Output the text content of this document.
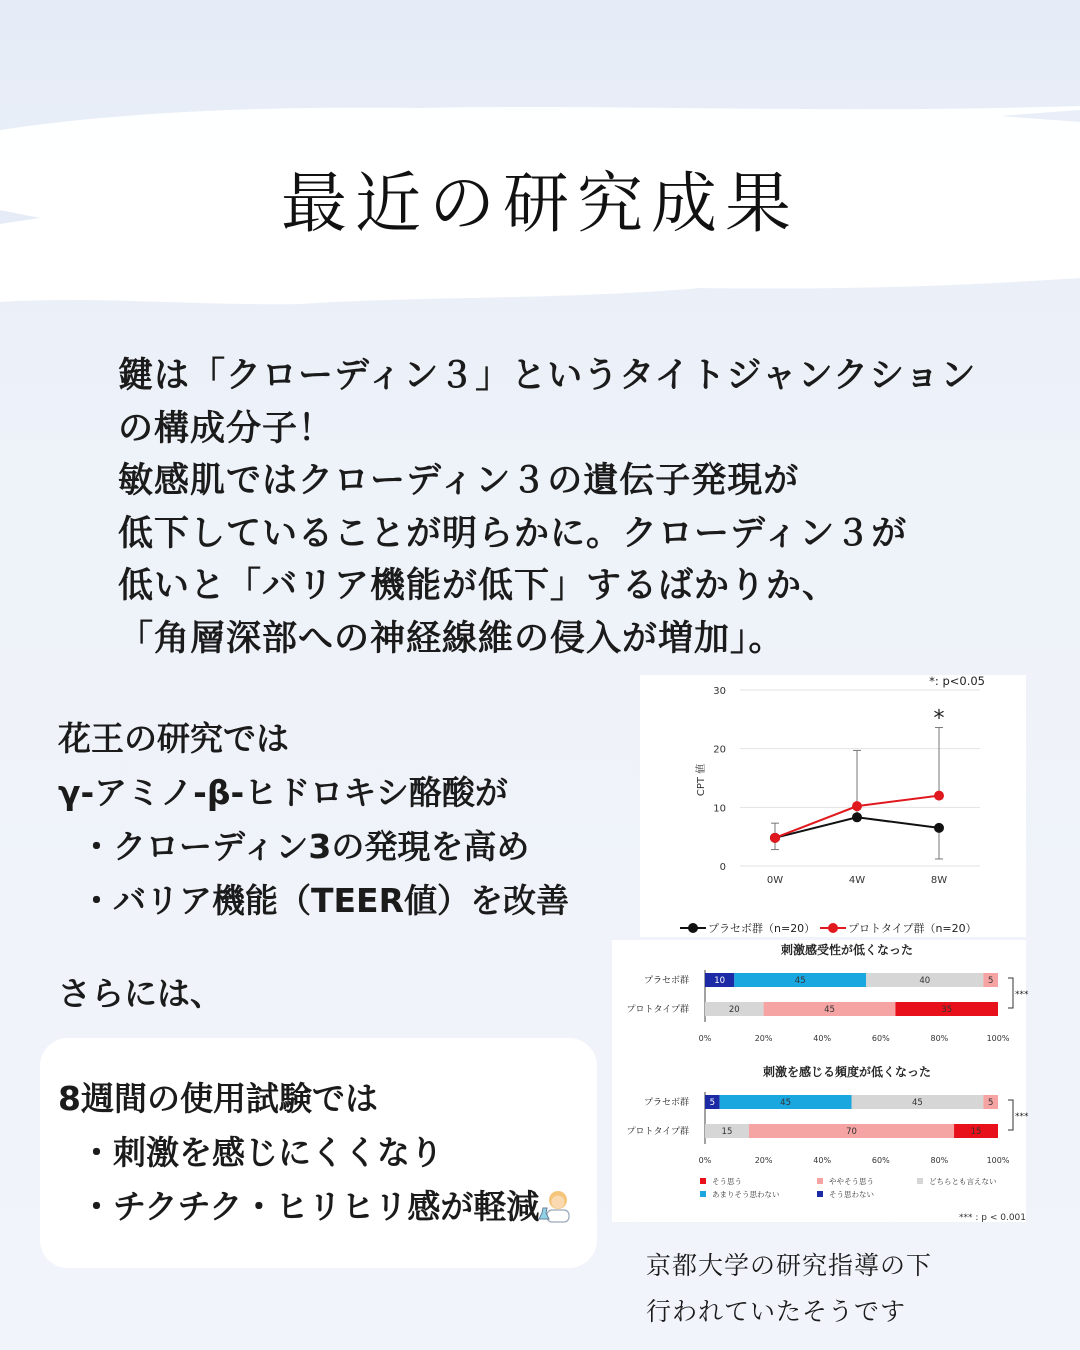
最近の研究成果
鍵は「クローディン３」というタイトジャンクション
の構成分子！
敏感肌ではクローディン３の遺伝子発現が
低下していることが明らかに。クローディン３が
低いと「バリア機能が低下」するばかりか、
「角層深部への神経線維の侵入が増加」。
花王の研究では
γ-アミノ-β-ヒドロキシ酪酸が
・クローディン3の発現を高め
・バリア機能（TEER値）を改善
さらには、
8週間の使用試験では
・刺激を感じにくくなり
・チクチク・ヒリヒリ感が軽減
*: p<0.05
CPT 値
0
10
20
30
0W	4W	8W
*
プラセボ群（n=20）	プロトタイプ群（n=20）
刺激感受性が低くなった
プラセボ群	10	45	40	5
プロトタイプ群	20	45	35
***
0%	20%	40%	60%	80%	100%
刺激を感じる頻度が低くなった
プラセボ群 5	45	45	5
プロトタイプ群	15	70	15
***
0%	20%	40%	60%	80%	100%
そう思う	ややそう思う	どちらとも言えない
あまりそう思わない	そう思わない
*** : p < 0.001
京都大学の研究指導の下
行われていたそうです
